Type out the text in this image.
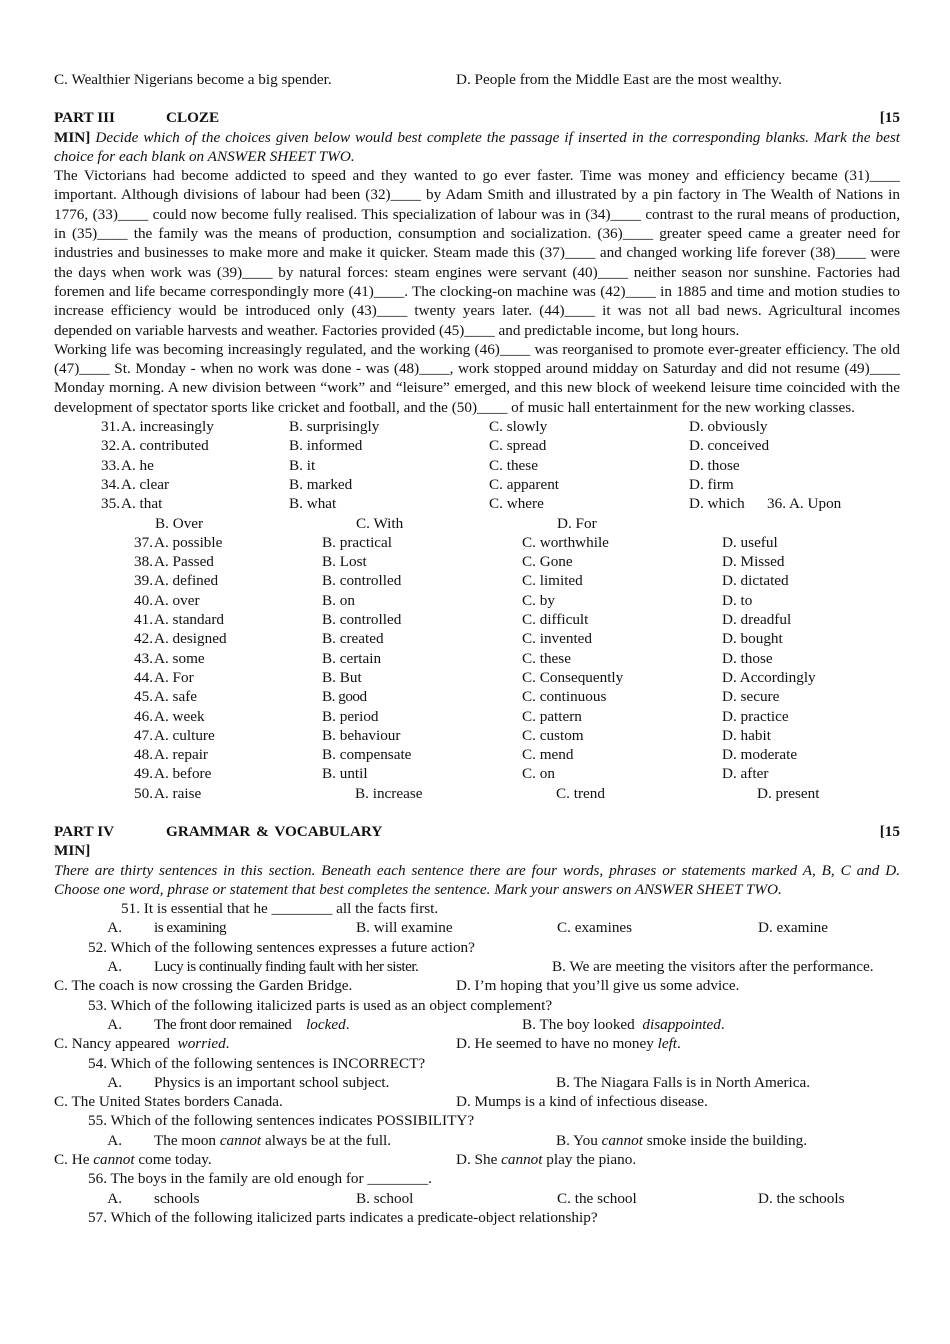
C. Wealthier Nigerians become a big spender.	D. People from the Middle East are the most wealthy.
PART III	CLOZE	[15
MIN] Decide which of the choices given below would best complete the passage if inserted in the corresponding blanks. Mark the best choice for each blank on ANSWER SHEET TWO.
The Victorians had become addicted to speed and they wanted to go ever faster. Time was money and efficiency became (31)____ important. Although divisions of labour had been (32)____ by Adam Smith and illustrated by a pin factory in The Wealth of Nations in 1776, (33)____ could now become fully realised. This specialization of labour was in (34)____ contrast to the rural means of production, in (35)____ the family was the means of production, consumption and socialization. (36)____ greater speed came a greater need for industries and businesses to make more and make it quicker. Steam made this (37)____ and changed working life forever (38)____ were the days when work was (39)____ by natural forces: steam engines were servant (40)____ neither season nor sunshine. Factories had foremen and life became correspondingly more (41)____. The clocking-on machine was (42)____ in 1885 and time and motion studies to increase efficiency would be introduced only (43)____ twenty years later. (44)____ it was not all bad news. Agricultural incomes depended on variable harvests and weather. Factories provided (45)____ and predictable income, but long hours.
Working life was becoming increasingly regulated, and the working (46)____ was reorganised to promote ever-greater efficiency. The old (47)____ St. Monday - when no work was done - was (48)____, work stopped around midday on Saturday and did not resume (49)____ Monday morning. A new division between “work” and “leisure” emerged, and this new block of weekend leisure time coincided with the development of spectator sports like cricket and football, and the (50)____ of music hall entertainment for the new working classes.
31. A. increasingly	B. surprisingly	C. slowly	D. obviously
32. A. contributed	B. informed	C. spread	D. conceived
33. A. he	B. it	C. these	D. those
34. A. clear	B. marked	C. apparent	D. firm
35. A. that	B. what	C. where	D. which	36. A. Upon
B. Over	C. With	D. For
37. A. possible	B. practical	C. worthwhile	D. useful
38. A. Passed	B. Lost	C. Gone	D. Missed
39. A. defined	B. controlled	C. limited	D. dictated
40. A. over	B. on	C. by	D. to
41. A. standard	B. controlled	C. difficult	D. dreadful
42. A. designed	B. created	C. invented	D. bought
43. A. some	B. certain	C. these	D. those
44. A. For	B. But	C. Consequently	D. Accordingly
45. A. safe	B. good	C. continuous	D. secure
46. A. week	B. period	C. pattern	D. practice
47. A. culture	B. behaviour	C. custom	D. habit
48. A. repair	B. compensate	C. mend	D. moderate
49. A. before	B. until	C. on	D. after
50. A. raise	B. increase	C. trend	D. present
PART IV	GRAMMAR & VOCABULARY	[15
MIN]
There are thirty sentences in this section. Beneath each sentence there are four words, phrases or statements marked A, B, C and D. Choose one word, phrase or statement that best completes the sentence. Mark your answers on ANSWER SHEET TWO.
51. It is essential that he ________ all the facts first.
A.	is examining	B. will examine	C. examines	D. examine
52. Which of the following sentences expresses a future action?
A.	Lucy is continually finding fault with her sister.	B. We are meeting the visitors after the performance.
C. The coach is now crossing the Garden Bridge.	D. I’m hoping that you’ll give us some advice.
53. Which of the following italicized parts is used as an object complement?
A.	The front door remained    locked.	B. The boy looked  disappointed.
C. Nancy appeared  worried.	D. He seemed to have no money left.
54. Which of the following sentences is INCORRECT?
A.	Physics is an important school subject.	B. The Niagara Falls is in North America.
C. The United States borders Canada.	D. Mumps is a kind of infectious disease.
55. Which of the following sentences indicates POSSIBILITY?
A.	The moon cannot always be at the full.	B. You cannot smoke inside the building.
C. He cannot come today.	D. She cannot play the piano.
56. The boys in the family are old enough for ________.
A.	schools	B. school	C. the school	D. the schools
57. Which of the following italicized parts indicates a predicate-object relationship?
